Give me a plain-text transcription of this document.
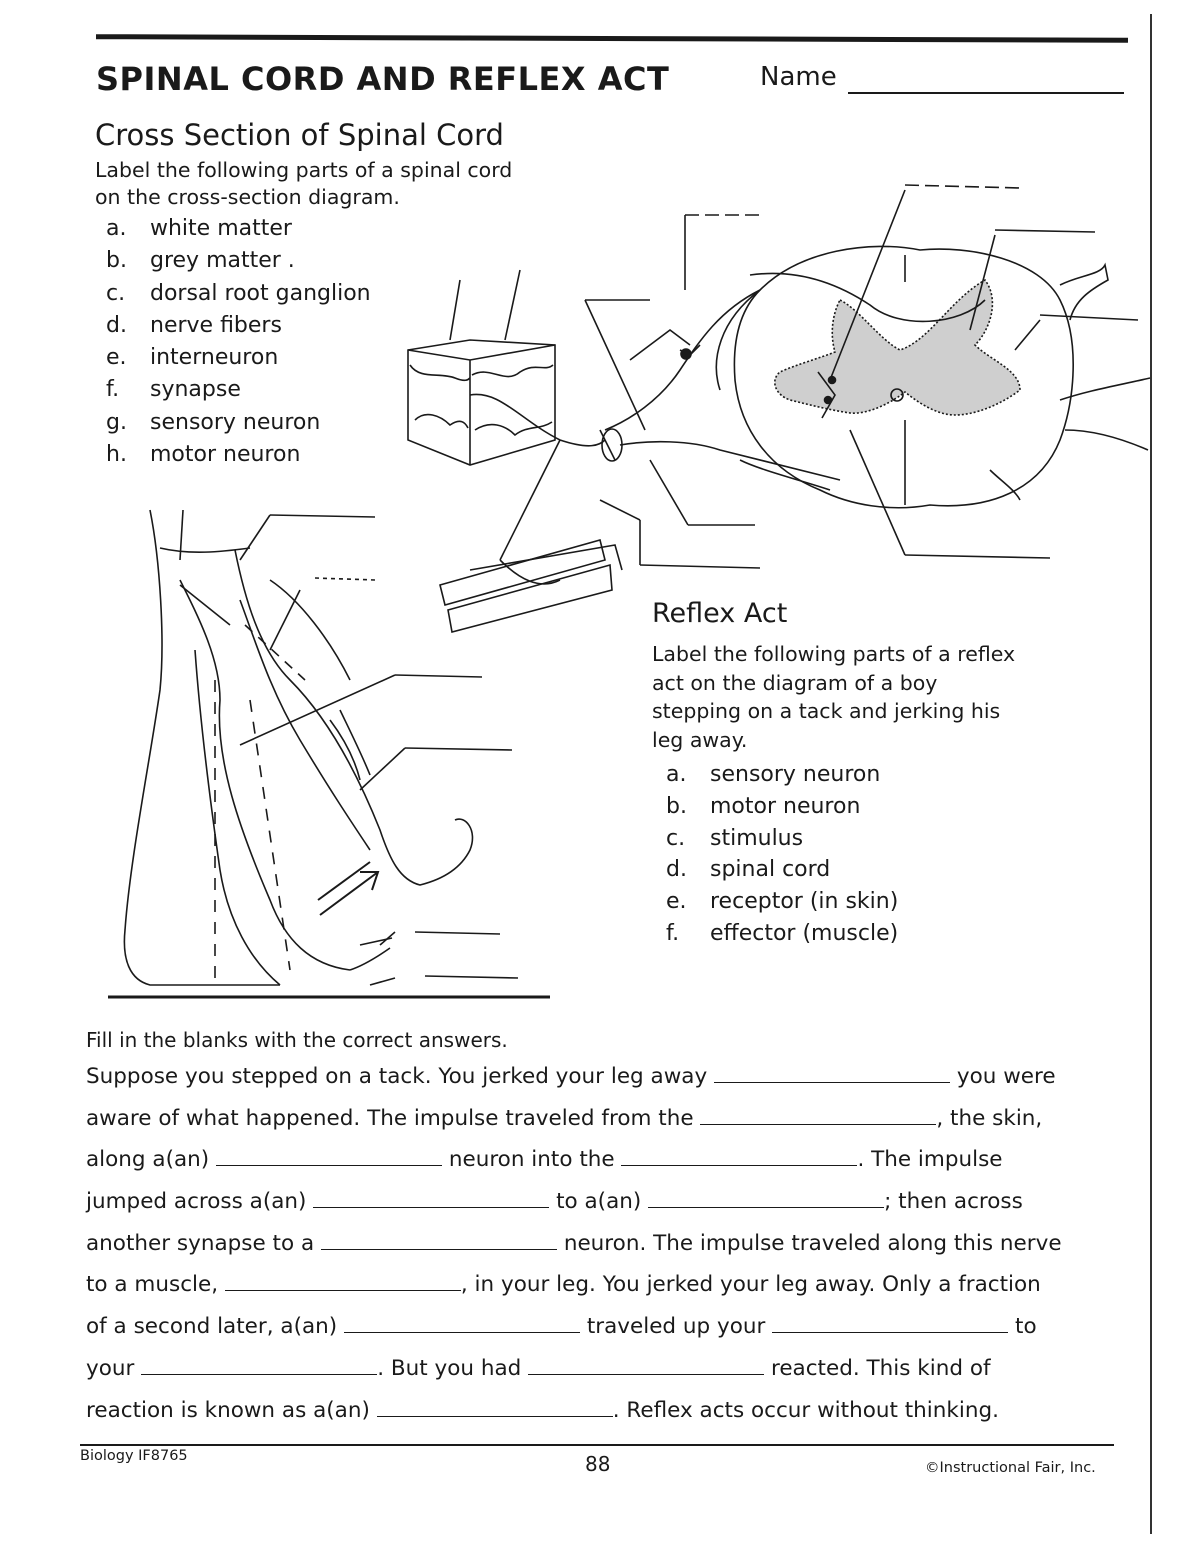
SPINAL CORD AND REFLEX ACT	Name
Cross Section of Spinal Cord
Label the following parts of a spinal cord
on the cross-section diagram.
a.	white matter
b.	grey matter .
c.	dorsal root ganglion
d.	nerve fibers
e.	interneuron
f.	synapse
g.	sensory neuron
h.	motor neuron
Reflex Act
Label the following parts of a reflex
act on the diagram of a boy
stepping on a tack and jerking his
leg away.
a.	sensory neuron
b.	motor neuron
c.	stimulus
d.	spinal cord
e.	receptor (in skin)
f.	effector (muscle)
Fill in the blanks with the correct answers.

Suppose you stepped on a tack. You jerked your leg away	you were

aware of what happened. The impulse traveled from the	, the skin,

along a(an)	neuron into the	. The impulse

jumped across a(an)	to a(an)	; then across

another synapse to a	neuron. The impulse traveled along this nerve

to a muscle,	, in your leg. You jerked your leg away. Only a fraction

of a second later, a(an)	traveled up your	to

your	. But you had	reacted. This kind of

reaction is known as a(an)	. Reflex acts occur without thinking.

Biology IF8765	88	©Instructional Fair, Inc.
